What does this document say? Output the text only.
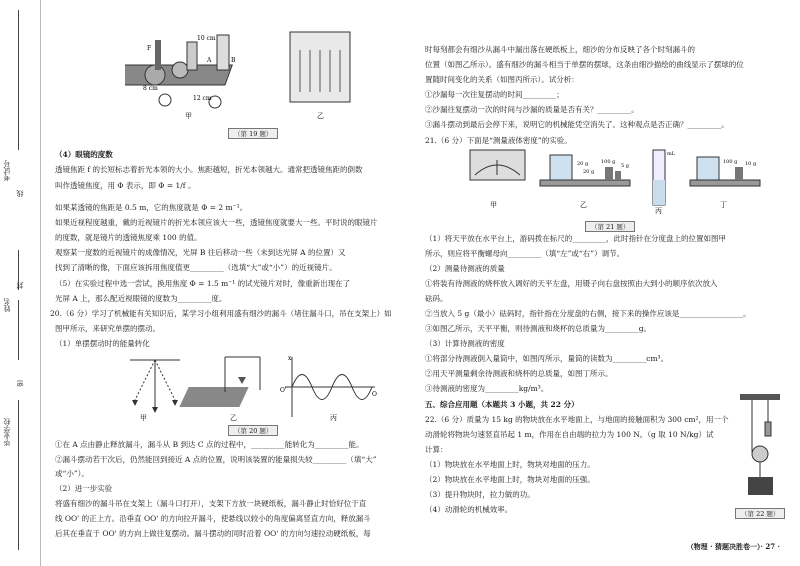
考试号
姓名
毕业学校
线
封
密
10 cm
F
A	B
8 cm
12 cm
甲	乙
（第 19 题）
（4）眼镜的度数
透镜焦距 f 的长短标志着折光本领的大小。焦距越短，折光本领越大。通常把透镜焦距的倒数
叫作透镜焦度，用 Φ 表示，即 Φ = 1/f 。
如果某透镜的焦距是 0.5 m，它的焦度就是 Φ = 2 m⁻¹。
如果近视程度越重，戴的近视镜片的折光本领应该大一些，透镜焦度就要大一些。平时说的眼镜片
的度数，就是镜片的透镜焦度乘 100 的值。
观察某一度数的近视镜片的成像情况，光屏 B 往后移动一些（未到达光屏 A 的位置）又
找到了清晰的像，下面应该拆用焦度值更_________（选填“大”或“小”）的近视镜片。
（5）在实验过程中选一尝试，换用焦度 Φ = 1.5 m⁻¹ 的试光镜片对时，像重新出现在了
光屏 A 上，那么配近视眼镜的度数为_________度。
20.（6 分）学习了机械能有关知识后，某学习小组利用盛有细沙的漏斗（堵住漏斗口，吊在支架上）如
图甲所示，来研究单摆的摆动。
（1）单摆摆动时的能量转化
甲	乙	丙
O'
O
x
（第 20 题）
①在 A 点由静止释放漏斗，漏斗从 B 到达 C 点的过程中，_________能转化为_________能。
②漏斗摆动若干次后，仍然能回到接近 A 点的位置，说明该装置的能量损失较_________（填“大”
或“小”）。
（2）进一步实验
将盛有细沙的漏斗吊在支架上（漏斗口打开），支架下方放一块硬纸板，漏斗静止时恰好位于直
线 OO' 的正上方。沿垂直 OO' 的方向拉开漏斗，使悬线以较小的角度偏离竖直方向，释放漏斗
后其在垂直于 OO' 的方向上做往复摆动。漏斗摆动的同时沿着 OO' 的方向匀速拉动硬纸板，每
时每刻都会有细沙从漏斗中漏出落在硬纸板上，细沙的分布反映了各个时刻漏斗的
位置（如图乙所示）。盛有细沙的漏斗相当于单摆的摆球，这条由细沙描绘的曲线显示了摆球的位
置随时间变化的关系（如图丙所示）。试分析：
①沙漏每一次往复摆动的时间_________；
②沙漏往复摆动一次的时间与沙漏的质量是否有关？_________。
③漏斗摆动到最后会停下来，说明它的机械能凭空消失了。这种观点是否正确？_________。
21.（6 分）下面是“测量液体密度”的实验。
甲	乙
丙
丁
20 g	100 g
20 g
5 g
100 g 10 g
mL
（第 21 题）
（1）将天平放在水平台上，游码拨在标尺的_________，此时指针在分度盘上的位置如图甲
所示，则应将平衡螺母向_________（填“左”或“右”）调节。
（2）测量待测液的质量
①将装有待测液的烧杯放入调好的天平左盘，用镊子向右盘按照由大到小的顺序依次放入
砝码。
②当放入 5 g（最小）砝码时，指针指在分度盘的右侧，接下来的操作应该是_________________。
③如图乙所示，天平平衡，则待测液和烧杯的总质量为_________g。
（3）计算待测液的密度
①将部分待测液倒入量筒中，如图丙所示，量筒的读数为_________cm³。
②用天平测量剩余待测液和烧杯的总质量，如图丁所示。
③待测液的密度为_________kg/m³。
五、综合应用题（本题共 3 小题，共 22 分）
22.（6 分）质量为 15 kg 的物块放在水平地面上，与地面的接触面积为 300 cm²，用一个
动滑轮将物块匀速竖直吊起 1 m，作用在自由端的拉力为 100 N。（g 取 10 N/kg）试
计算：
（1）物块放在水平地面上时，物块对地面的压力。
（2）物块放在水平地面上时，物块对地面的压强。
（3）提升物块时，拉力做的功。
（4）动滑轮的机械效率。	（第 22 题）
（物理 · 猜题决胜卷一）· 27 ·
